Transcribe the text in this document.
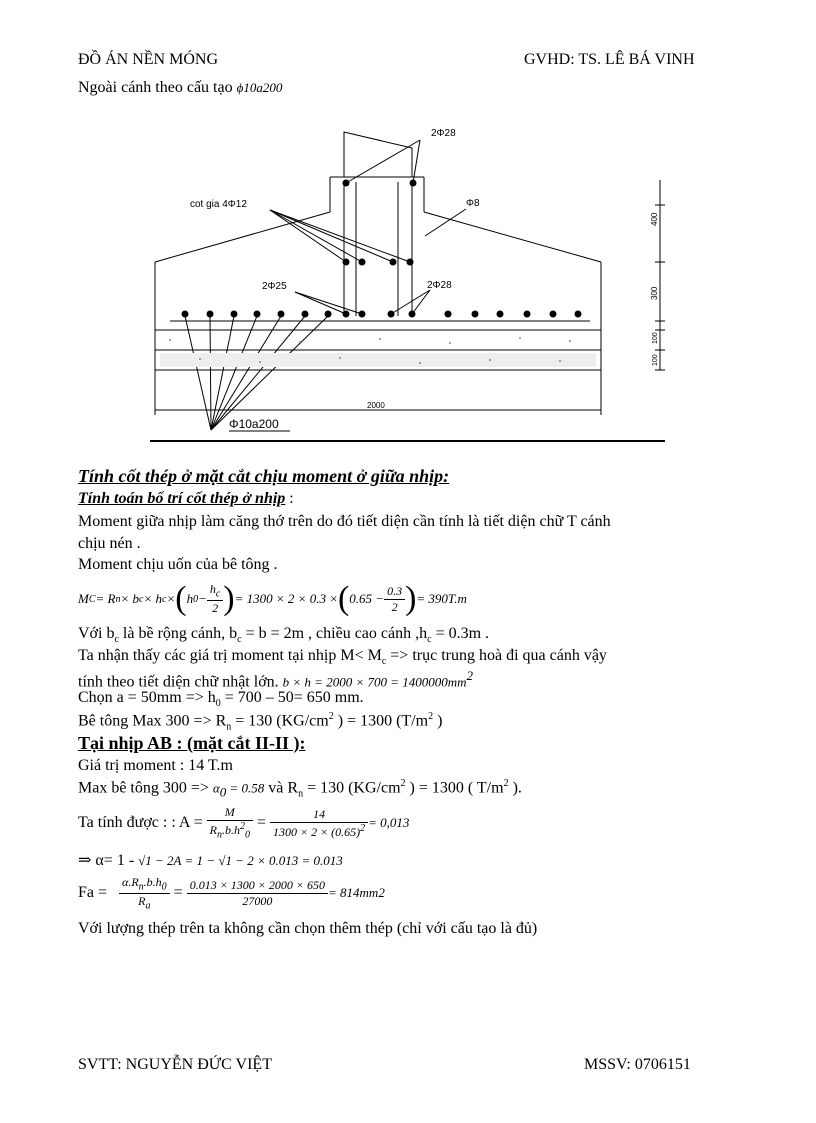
ĐỒ ÁN NỀN MÓNG	GVHD: TS. LÊ BÁ VINH
Ngoài cánh theo cấu tạo ϕ10a200
2Φ28
Φ8
cot gia 4Φ12
2Φ25	2Φ28
2000
400
300
100
100
Φ10a200
Tính cốt thép ở mặt cắt chịu moment ở giữa nhịp:
Tính toán bố trí cốt thép ở nhịp :
Moment giữa nhịp làm căng thớ trên do đó tiết diện cần tính là tiết diện chữ T cánh
chịu nén .
Moment chịu uốn của bê tông .
M C = R n × b c × h c × ( h $0 - \frac{h_c}{2}$ ) = 1300 × 2 × 0.3 × ( $0.65 - \frac{0.3}{2}$ ) = 390T.m
Với $b_c$ là bề rộng cánh, $b_c = b = 2m$ , chiều cao cánh $,h_c = 0.3m$ .
Ta nhận thấy các giá trị moment tại nhịp $M< M_c$ => trục trung hoà đi qua cánh vậy
tính theo tiết diện chữ nhật lớn. $b \times h = 2000 \times 700 = 1400000mm^2$
Chọn $a = 50mm => h_0 = 700 - 50= 650$ mm.
Bê tông Max $300 => R_n = 130$ ($KG/cm^2$ ) = 1300 ($T/m^2$ )
Tại nhịp AB : (mặt cắt II-II ):
Giá trị moment : 14 T.m
Max bê tông $300 => \alpha_0 = 0.58$ và $R_n = 130$ ($KG/cm^2$ ) = 1300 ( $T/m^2$ ).
Ta tính được : : A =
$\frac{M}{R_n.b.h^2_0} = \frac{14}{1300 \times 2 \times (0.65)^2} = 0,013$
⇒ α= 1 - √1 − 2A = 1 − √1 − 2 × 0.013 = 0.013
Fa =
$\frac{\alpha.R_n.b.h_0}{R_a} = \frac{0.013 \times 1300 \times 2000 \times 650}{27000} = 814mm$ 2
Với lượng thép trên ta không cần chọn thêm thép (chỉ với cấu tạo là đủ)
SVTT: NGUYỄN ĐỨC VIỆT	MSSV: 0706151
